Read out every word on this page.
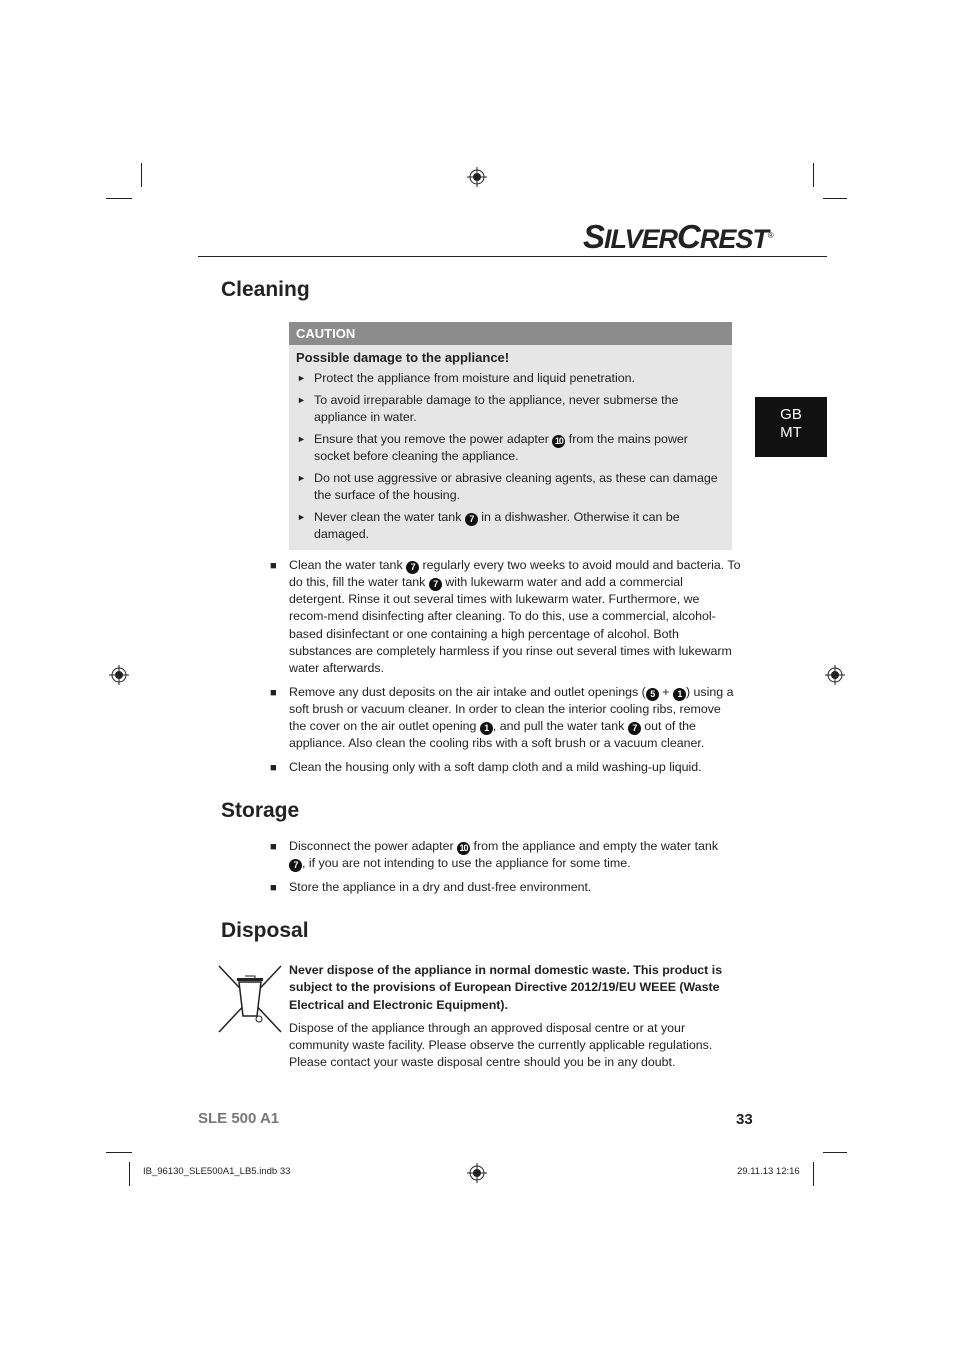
SILVERCREST®
GB
MT
Cleaning
CAUTION
Possible damage to the appliance!
► Protect the appliance from moisture and liquid penetration.
► To avoid irreparable damage to the appliance, never submerse the appliance in water.
► Ensure that you remove the power adapter 10 from the mains power socket before cleaning the appliance.
► Do not use aggressive or abrasive cleaning agents, as these can damage the surface of the housing.
► Never clean the water tank 7 in a dishwasher. Otherwise it can be damaged.
■ Clean the water tank 7 regularly every two weeks to avoid mould and bacteria. To do this, fill the water tank 7 with lukewarm water and add a commercial detergent. Rinse it out several times with lukewarm water. Furthermore, we recom-mend disinfecting after cleaning. To do this, use a commercial, alcohol-based disinfectant or one containing a high percentage of alcohol. Both substances are completely harmless if you rinse out several times with lukewarm water afterwards.
■ Remove any dust deposits on the air intake and outlet openings ( 5 + 1 ) using a soft brush or vacuum cleaner. In order to clean the interior cooling ribs, remove the cover on the air outlet opening 1 , and pull the water tank 7 out of the appliance. Also clean the cooling ribs with a soft brush or a vacuum cleaner.
■ Clean the housing only with a soft damp cloth and a mild washing-up liquid.
Storage
■ Disconnect the power adapter 10 from the appliance and empty the water tank 7 , if you are not intending to use the appliance for some time.
■ Store the appliance in a dry and dust-free environment.
Disposal
Never dispose of the appliance in normal domestic waste. This product is subject to the provisions of European Directive 2012/19/EU WEEE (Waste Electrical and Electronic Equipment).
Dispose of the appliance through an approved disposal centre or at your community waste facility. Please observe the currently applicable regulations. Please contact your waste disposal centre should you be in any doubt.
SLE 500 A1	33
IB_96130_SLE500A1_LB5.indb 33	29.11.13 12:16
